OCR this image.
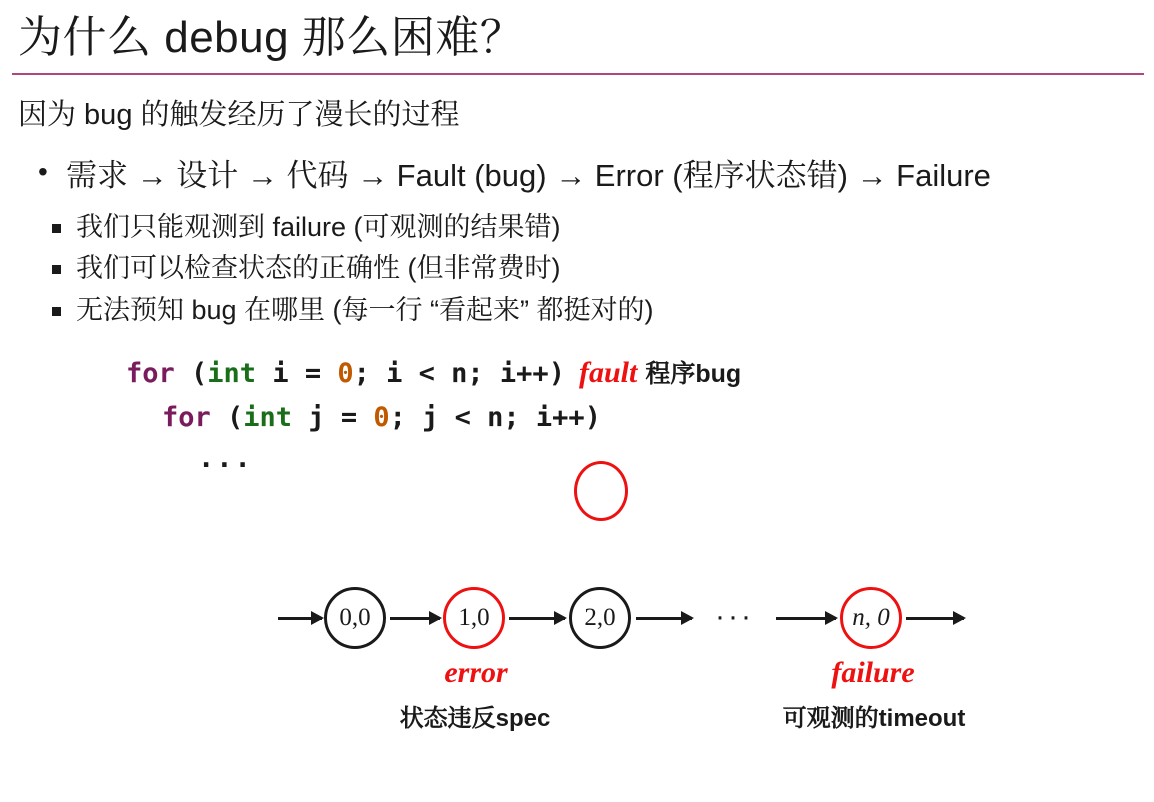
为什么 debug 那么困难？
因为 bug 的触发经历了漫长的过程
• 需求 → 设计 → 代码 → Fault (bug) → Error (程序状态错) → Failure
我们只能观测到 failure (可观测的结果错)
我们可以检查状态的正确性 (但非常费时)
无法预知 bug 在哪里 (每一行 “看起来” 都挺对的)
for (int i = 0; i < n; i++) fault 程序bug
for (int j = 0; j < n; i++)
...
0,0	1,0	2,0	···	n, 0
error
状态违反spec
failure
可观测的timeout
